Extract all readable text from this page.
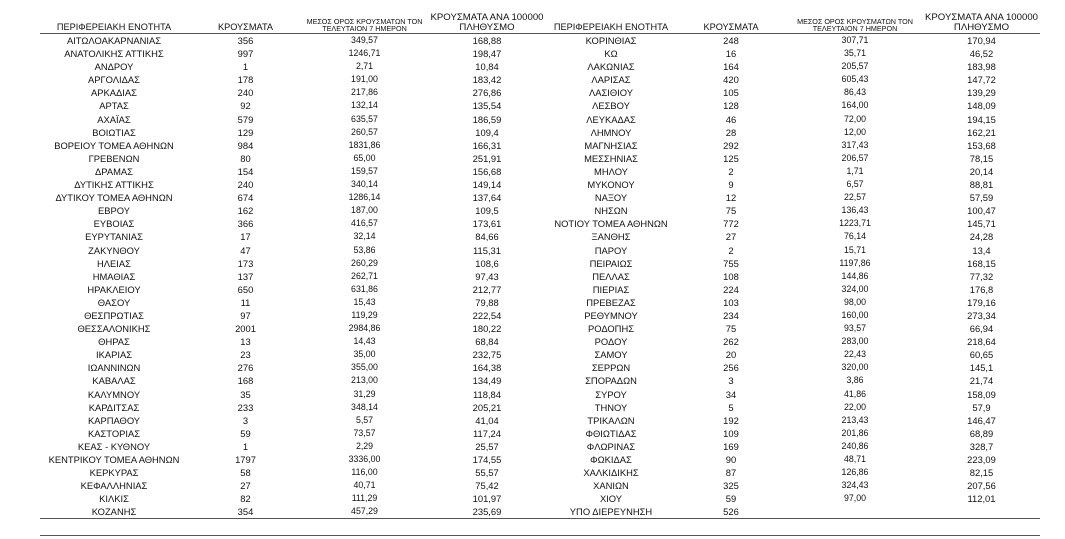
ΠΕΡΙΦΕΡΕΙΑΚΗ ΕΝΟΤΗΤΑ	ΚΡΟΥΣΜΑΤΑ	ΜΕΣΟΣ ΟΡΟΣ ΚΡΟΥΣΜΑΤΩΝ ΤΟΝ ΤΕΛΕΥΤΑΙΟΝ 7 ΗΜΕΡΟΝ	ΚΡΟΥΣΜΑΤΑ ΑΝΑ 100000 ΠΛΗΘΥΣΜΟ
ΑΙΤΩΛΟΑΚΑΡΝΑΝΙΑΣ	356	349,57	168,88
ΑΝΑΤΟΛΙΚΗΣ ΑΤΤΙΚΗΣ	997	1246,71	198,47
ΑΝΔΡΟΥ	1	2,71	10,84
ΑΡΓΟΛΙΔΑΣ	178	191,00	183,42
ΑΡΚΑΔΙΑΣ	240	217,86	276,86
ΑΡΤΑΣ	92	132,14	135,54
ΑΧΑΪΑΣ	579	635,57	186,59
ΒΟΙΩΤΙΑΣ	129	260,57	109,4
ΒΟΡΕΙΟΥ ΤΟΜΕΑ ΑΘΗΝΩΝ	984	1831,86	166,31
ΓΡΕΒΕΝΩΝ	80	65,00	251,91
ΔΡΑΜΑΣ	154	159,57	156,68
ΔΥΤΙΚΗΣ ΑΤΤΙΚΗΣ	240	340,14	149,14
ΔΥΤΙΚΟΥ ΤΟΜΕΑ ΑΘΗΝΩΝ	674	1286,14	137,64
ΕΒΡΟΥ	162	187,00	109,5
ΕΥΒΟΙΑΣ	366	416,57	173,61
ΕΥΡΥΤΑΝΙΑΣ	17	32,14	84,66
ΖΑΚΥΝΘΟΥ	47	53,86	115,31
ΗΛΕΙΑΣ	173	260,29	108,6
ΗΜΑΘΙΑΣ	137	262,71	97,43
ΗΡΑΚΛΕΙΟΥ	650	631,86	212,77
ΘΑΣΟΥ	11	15,43	79,88
ΘΕΣΠΡΩΤΙΑΣ	97	119,29	222,54
ΘΕΣΣΑΛΟΝΙΚΗΣ	2001	2984,86	180,22
ΘΗΡΑΣ	13	14,43	68,84
ΙΚΑΡΙΑΣ	23	35,00	232,75
ΙΩΑΝΝΙΝΩΝ	276	355,00	164,38
ΚΑΒΑΛΑΣ	168	213,00	134,49
ΚΑΛΥΜΝΟΥ	35	31,29	118,84
ΚΑΡΔΙΤΣΑΣ	233	348,14	205,21
ΚΑΡΠΑΘΟΥ	3	5,57	41,04
ΚΑΣΤΟΡΙΑΣ	59	73,57	117,24
ΚΕΑΣ - ΚΥΘΝΟΥ	1	2,29	25,57
ΚΕΝΤΡΙΚΟΥ ΤΟΜΕΑ ΑΘΗΝΩΝ	1797	3336,00	174,55
ΚΕΡΚΥΡΑΣ	58	116,00	55,57
ΚΕΦΑΛΛΗΝΙΑΣ	27	40,71	75,42
ΚΙΛΚΙΣ	82	111,29	101,97
ΚΟΖΑΝΗΣ	354	457,29	235,69
ΠΕΡΙΦΕΡΕΙΑΚΗ ΕΝΟΤΗΤΑ	ΚΡΟΥΣΜΑΤΑ	ΜΕΣΟΣ ΟΡΟΣ ΚΡΟΥΣΜΑΤΩΝ ΤΟΝ ΤΕΛΕΥΤΑΙΟΝ 7 ΗΜΕΡΟΝ	ΚΡΟΥΣΜΑΤΑ ΑΝΑ 100000 ΠΛΗΘΥΣΜΟ
ΚΟΡΙΝΘΙΑΣ	248	307,71	170,94
ΚΩ	16	35,71	46,52
ΛΑΚΩΝΙΑΣ	164	205,57	183,98
ΛΑΡΙΣΑΣ	420	605,43	147,72
ΛΑΣΙΘΙΟΥ	105	86,43	139,29
ΛΕΣΒΟΥ	128	164,00	148,09
ΛΕΥΚΑΔΑΣ	46	72,00	194,15
ΛΗΜΝΟΥ	28	12,00	162,21
ΜΑΓΝΗΣΙΑΣ	292	317,43	153,68
ΜΕΣΣΗΝΙΑΣ	125	206,57	78,15
ΜΗΛΟΥ	2	1,71	20,14
ΜΥΚΟΝΟΥ	9	6,57	88,81
ΝΑΞΟΥ	12	22,57	57,59
ΝΗΣΩΝ	75	136,43	100,47
ΝΟΤΙΟΥ ΤΟΜΕΑ ΑΘΗΝΩΝ	772	1223,71	145,71
ΞΑΝΘΗΣ	27	76,14	24,28
ΠΑΡΟΥ	2	15,71	13,4
ΠΕΙΡΑΙΩΣ	755	1197,86	168,15
ΠΕΛΛΑΣ	108	144,86	77,32
ΠΙΕΡΙΑΣ	224	324,00	176,8
ΠΡΕΒΕΖΑΣ	103	98,00	179,16
ΡΕΘΥΜΝΟΥ	234	160,00	273,34
ΡΟΔΟΠΗΣ	75	93,57	66,94
ΡΟΔΟΥ	262	283,00	218,64
ΣΑΜΟΥ	20	22,43	60,65
ΣΕΡΡΩΝ	256	320,00	145,1
ΣΠΟΡΑΔΩΝ	3	3,86	21,74
ΣΥΡΟΥ	34	41,86	158,09
ΤΗΝΟΥ	5	22,00	57,9
ΤΡΙΚΑΛΩΝ	192	213,43	146,47
ΦΘΙΩΤΙΔΑΣ	109	201,86	68,89
ΦΛΩΡΙΝΑΣ	169	240,86	328,7
ΦΩΚΙΔΑΣ	90	48,71	223,09
ΧΑΛΚΙΔΙΚΗΣ	87	126,86	82,15
ΧΑΝΙΩΝ	325	324,43	207,56
ΧΙΟΥ	59	97,00	112,01
ΥΠΟ ΔΙΕΡΕΥΝΗΣΗ	526		
